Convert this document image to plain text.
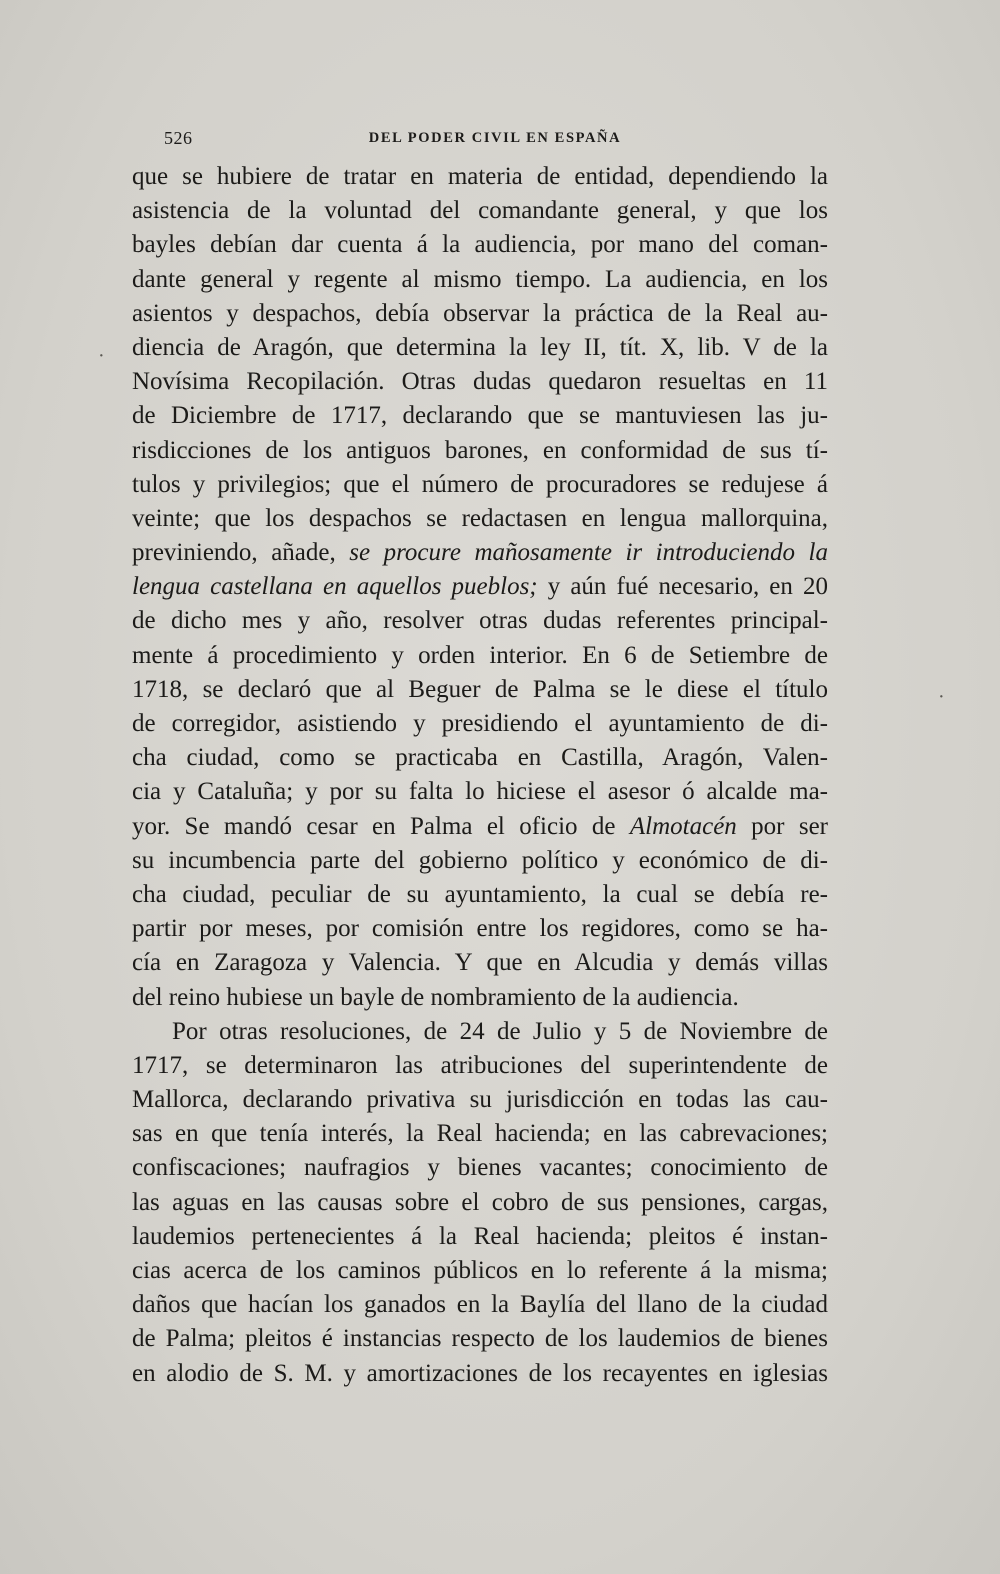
526	DEL PODER CIVIL EN ESPAÑA
que se hubiere de tratar en materia de entidad, dependiendo la
asistencia de la voluntad del comandante general, y que los
bayles debían dar cuenta á la audiencia, por mano del coman-
dante general y regente al mismo tiempo. La audiencia, en los
asientos y despachos, debía observar la práctica de la Real au-
diencia de Aragón, que determina la ley II, tít. X, lib. V de la
Novísima Recopilación. Otras dudas quedaron resueltas en 11
de Diciembre de 1717, declarando que se mantuviesen las ju-
risdicciones de los antiguos barones, en conformidad de sus tí-
tulos y privilegios; que el número de procuradores se redujese á
veinte; que los despachos se redactasen en lengua mallorquina,
previniendo, añade, se procure mañosamente ir introduciendo la
lengua castellana en aquellos pueblos; y aún fué necesario, en 20
de dicho mes y año, resolver otras dudas referentes principal-
mente á procedimiento y orden interior. En 6 de Setiembre de
1718, se declaró que al Beguer de Palma se le diese el título
de corregidor, asistiendo y presidiendo el ayuntamiento de di-
cha ciudad, como se practicaba en Castilla, Aragón, Valen-
cia y Cataluña; y por su falta lo hiciese el asesor ó alcalde ma-
yor. Se mandó cesar en Palma el oficio de Almotacén por ser
su incumbencia parte del gobierno político y económico de di-
cha ciudad, peculiar de su ayuntamiento, la cual se debía re-
partir por meses, por comisión entre los regidores, como se ha-
cía en Zaragoza y Valencia. Y que en Alcudia y demás villas
del reino hubiese un bayle de nombramiento de la audiencia.
Por otras resoluciones, de 24 de Julio y 5 de Noviembre de
1717, se determinaron las atribuciones del superintendente de
Mallorca, declarando privativa su jurisdicción en todas las cau-
sas en que tenía interés, la Real hacienda; en las cabrevaciones;
confiscaciones; naufragios y bienes vacantes; conocimiento de
las aguas en las causas sobre el cobro de sus pensiones, cargas,
laudemios pertenecientes á la Real hacienda; pleitos é instan-
cias acerca de los caminos públicos en lo referente á la misma;
daños que hacían los ganados en la Baylía del llano de la ciudad
de Palma; pleitos é instancias respecto de los laudemios de bienes
en alodio de S. M. y amortizaciones de los recayentes en iglesias
·
·
